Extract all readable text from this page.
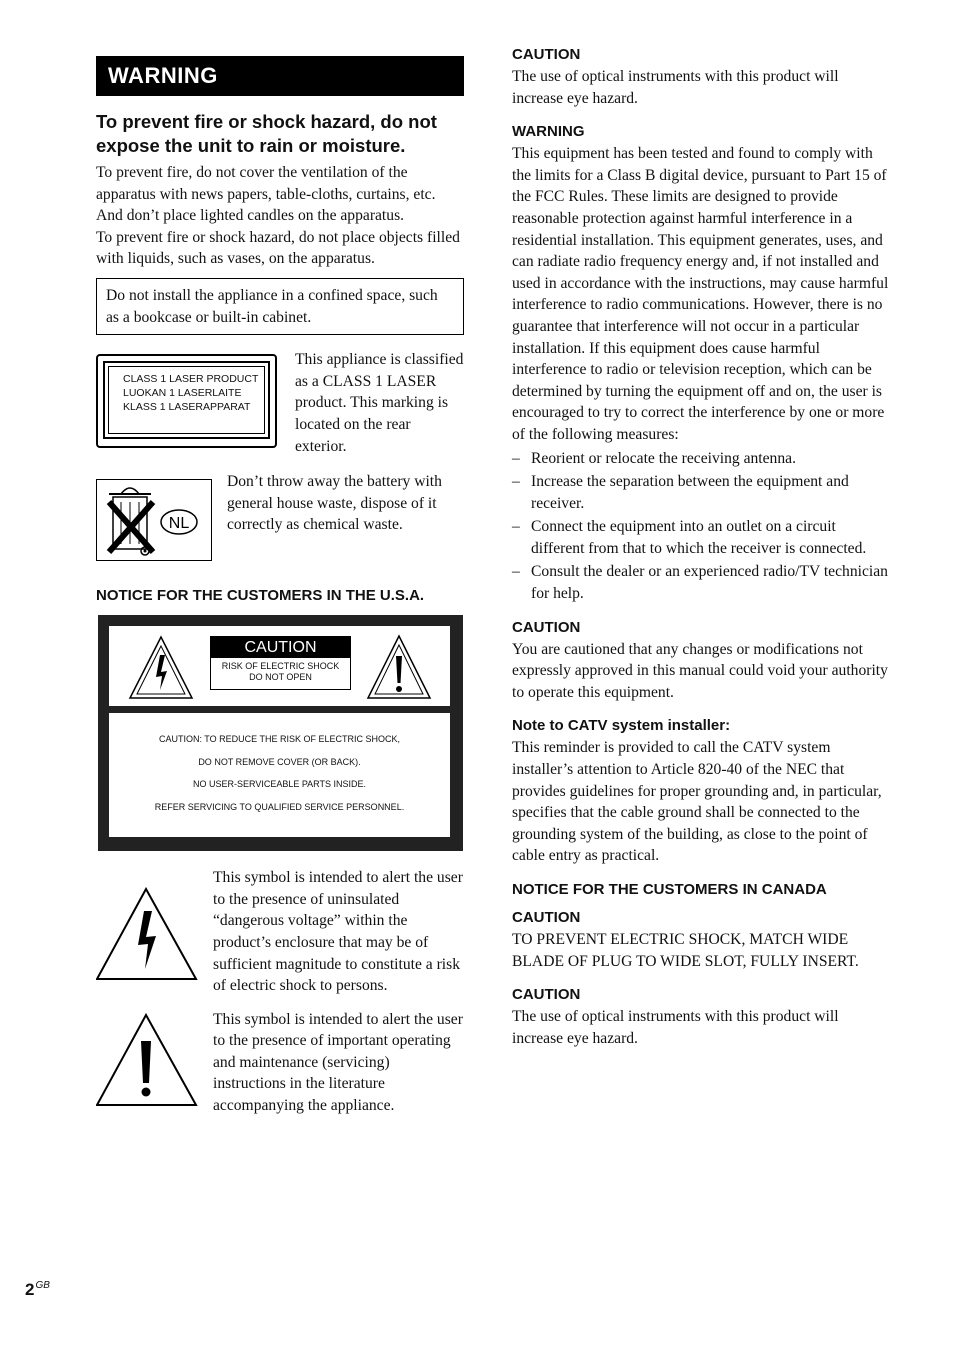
WARNING
To prevent fire or shock hazard, do not expose the unit to rain or moisture.
To prevent fire, do not cover the ventilation of the apparatus with news papers, table-cloths, curtains, etc. And don’t place lighted candles on the apparatus.
To prevent fire or shock hazard, do not place objects filled with liquids, such as vases, on the apparatus.
Do not install the appliance in a confined space, such as a bookcase or built-in cabinet.
CLASS 1 LASER PRODUCT
LUOKAN 1 LASERLAITE
KLASS 1 LASERAPPARAT
This appliance is classified as a CLASS 1 LASER product. This marking is located on the rear exterior.
NL
Don’t throw away the battery with general house waste, dispose of it correctly as chemical waste.
NOTICE FOR THE CUSTOMERS IN THE U.S.A.
CAUTION
RISK OF ELECTRIC SHOCK
DO NOT OPEN
CAUTION: TO REDUCE THE RISK OF ELECTRIC SHOCK,
DO NOT REMOVE COVER (OR BACK).
NO USER-SERVICEABLE PARTS INSIDE.
REFER SERVICING TO QUALIFIED SERVICE PERSONNEL.
This symbol is intended to alert the user to the presence of uninsulated “dangerous voltage” within the product’s enclosure that may be of sufficient magnitude to constitute a risk of electric shock to persons.
This symbol is intended to alert the user to the presence of important operating and maintenance (servicing) instructions in the literature accompanying the appliance.
CAUTION
The use of optical instruments with this product will increase eye hazard.
WARNING
This equipment has been tested and found to comply with the limits for a Class B digital device, pursuant to Part 15 of the FCC Rules. These limits are designed to provide reasonable protection against harmful interference in a residential installation. This equipment generates, uses, and can radiate radio frequency energy and, if not installed and used in accordance with the instructions, may cause harmful interference to radio communications. However, there is no guarantee that interference will not occur in a particular installation. If this equipment does cause harmful interference to radio or television reception, which can be determined by turning the equipment off and on, the user is encouraged to try to correct the interference by one or more of the following measures:
– Reorient or relocate the receiving antenna.
– Increase the separation between the equipment and receiver.
– Connect the equipment into an outlet on a circuit different from that to which the receiver is connected.
– Consult the dealer or an experienced radio/TV technician for help.
CAUTION
You are cautioned that any changes or modifications not expressly approved in this manual could void your authority to operate this equipment.
Note to CATV system installer:
This reminder is provided to call the CATV system installer’s attention to Article 820-40 of the NEC that provides guidelines for proper grounding and, in particular, specifies that the cable ground shall be connected to the grounding system of the building, as close to the point of cable entry as practical.
NOTICE FOR THE CUSTOMERS IN CANADA
CAUTION
TO PREVENT ELECTRIC SHOCK, MATCH WIDE BLADE OF PLUG TO WIDE SLOT, FULLY INSERT.
CAUTION
The use of optical instruments with this product will increase eye hazard.
$2^{GB}$
